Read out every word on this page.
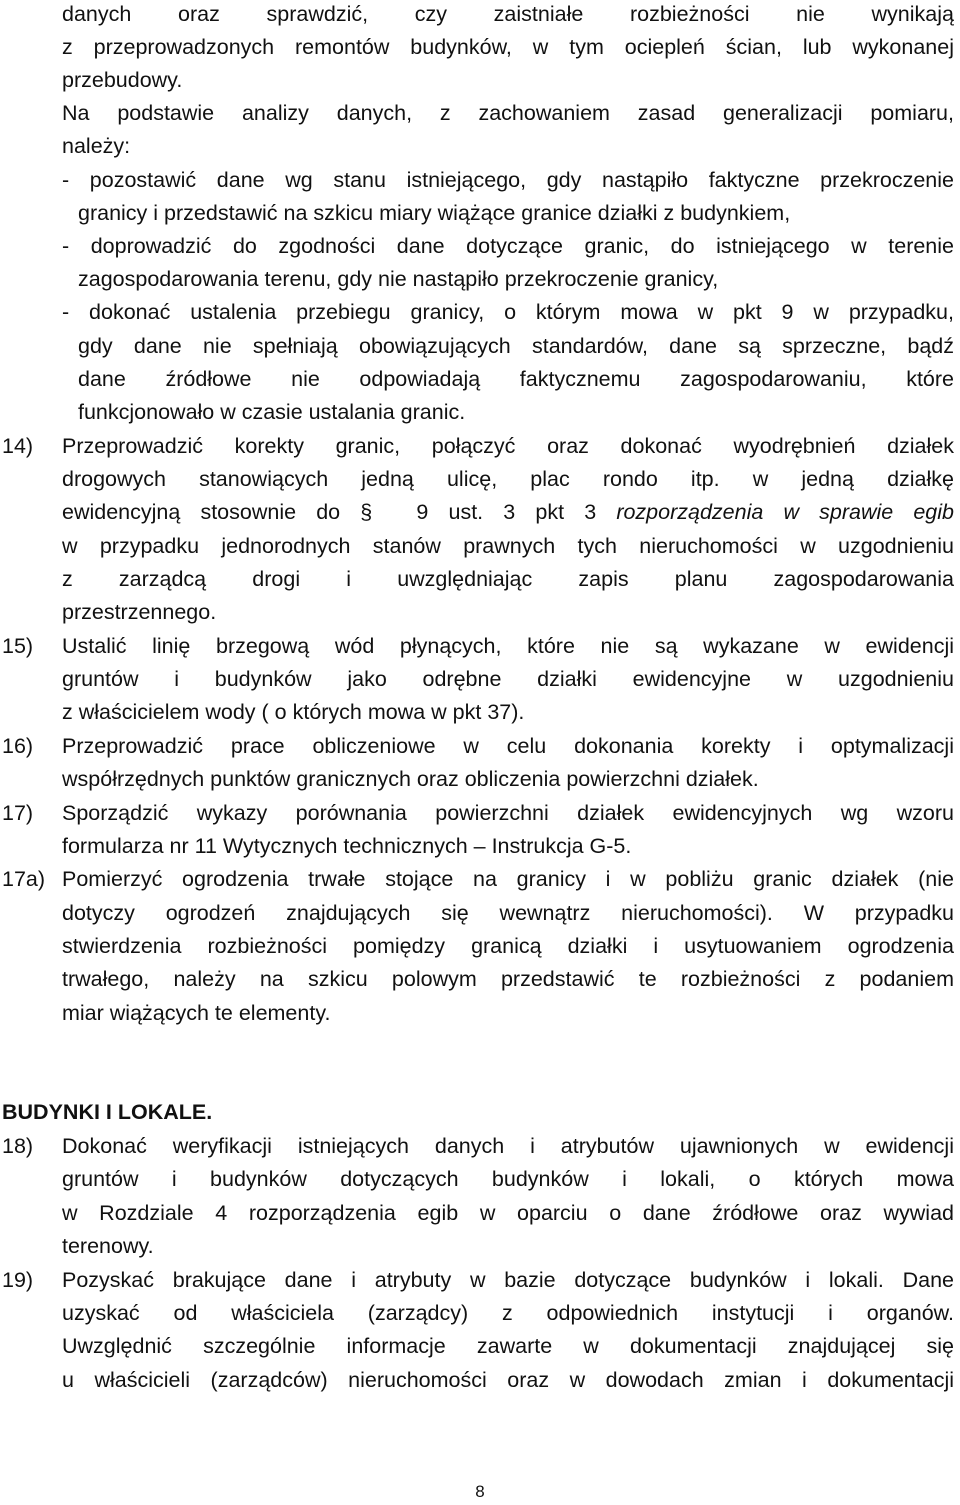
danych oraz sprawdzić, czy zaistniałe rozbieżności nie wynikają
z przeprowadzonych remontów budynków, w tym ociepleń ścian, lub wykonanej
przebudowy.
Na podstawie analizy danych, z zachowaniem zasad generalizacji pomiaru,
należy:
- pozostawić dane wg stanu istniejącego, gdy nastąpiło faktyczne przekroczenie
granicy i przedstawić na szkicu miary wiążące granice działki z budynkiem,
- doprowadzić do zgodności dane dotyczące granic, do istniejącego w terenie
zagospodarowania terenu, gdy nie nastąpiło przekroczenie granicy,
- dokonać ustalenia przebiegu granicy, o którym mowa w pkt 9 w przypadku,
gdy dane nie spełniają obowiązujących standardów, dane są sprzeczne, bądź
dane źródłowe nie odpowiadają faktycznemu zagospodarowaniu, które
funkcjonowało w czasie ustalania granic.
14)	Przeprowadzić korekty granic, połączyć oraz dokonać wyodrębnień działek
drogowych stanowiących jedną ulicę, plac rondo itp. w jedną działkę
ewidencyjną stosownie do § 9 ust. 3 pkt 3 rozporządzenia w sprawie egib
w przypadku jednorodnych stanów prawnych tych nieruchomości w uzgodnieniu
z zarządcą drogi i uwzględniając zapis planu zagospodarowania
przestrzennego.
15)	Ustalić linię brzegową wód płynących, które nie są wykazane w ewidencji
gruntów i budynków jako odrębne działki ewidencyjne w uzgodnieniu
z właścicielem wody ( o których mowa w pkt 37).
16)	Przeprowadzić prace obliczeniowe w celu dokonania korekty i optymalizacji
współrzędnych punktów granicznych oraz obliczenia powierzchni działek.
17)	Sporządzić wykazy porównania powierzchni działek ewidencyjnych wg wzoru
formularza nr 11 Wytycznych technicznych – Instrukcja G-5.
17a) Pomierzyć ogrodzenia trwałe stojące na granicy i w pobliżu granic działek (nie
dotyczy ogrodzeń znajdujących się wewnątrz nieruchomości). W przypadku
stwierdzenia rozbieżności pomiędzy granicą działki i usytuowaniem ogrodzenia
trwałego, należy na szkicu polowym przedstawić te rozbieżności z podaniem
miar wiążących te elementy.
BUDYNKI I LOKALE.
18)	Dokonać weryfikacji istniejących danych i atrybutów ujawnionych w ewidencji
gruntów i budynków dotyczących budynków i lokali, o których mowa
w Rozdziale 4 rozporządzenia egib w oparciu o dane źródłowe oraz wywiad
terenowy.
19)	Pozyskać brakujące dane i atrybuty w bazie dotyczące budynków i lokali. Dane
uzyskać od właściciela (zarządcy) z odpowiednich instytucji i organów.
Uwzględnić szczególnie informacje zawarte w dokumentacji znajdującej się
u właścicieli (zarządców) nieruchomości oraz w dowodach zmian i dokumentacji
8
